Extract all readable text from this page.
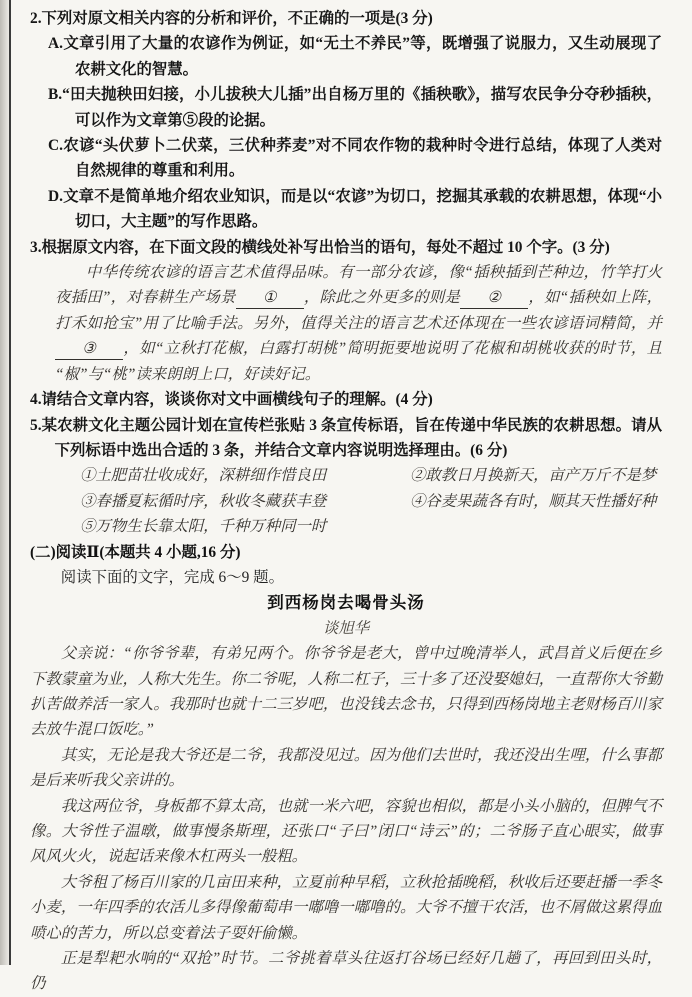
2.下列对原文相关内容的分析和评价，不正确的一项是(3 分)

A.文章引用了大量的农谚作为例证，如“无土不养民”等，既增强了说服力，又生动展现了农耕文化的智慧。

B.“田夫抛秧田妇接，小儿拔秧大儿插”出自杨万里的《插秧歌》，描写农民争分夺秒插秧，可以作为文章第⑤段的论据。

C.农谚“头伏萝卜二伏菜，三伏种荞麦”对不同农作物的栽种时令进行总结，体现了人类对自然规律的尊重和利用。

D.文章不是简单地介绍农业知识，而是以“农谚”为切口，挖掘其承载的农耕思想，体现“小切口，大主题”的写作思路。

3.根据原文内容，在下面文段的横线处补写出恰当的语句，每处不超过 10 个字。(3 分)

中华传统农谚的语言艺术值得品味。有一部分农谚，像“插秧插到芒种边，竹竿打火夜插田”，对春耕生产场景 ① ，除此之外更多的则是 ② ，如“插秧如上阵，打禾如抢宝”用了比喻手法。另外，值得关注的语言艺术还体现在一些农谚语词精简，并③ ，如“立秋打花椒，白露打胡桃”简明扼要地说明了花椒和胡桃收获的时节，且“椒”与“桃”读来朗朗上口，好读好记。

4.请结合文章内容，谈谈你对文中画横线句子的理解。(4 分)

5.某农耕文化主题公园计划在宣传栏张贴 3 条宣传标语，旨在传递中华民族的农耕思想。请从下列标语中选出合适的 3 条，并结合文章内容说明选择理由。(6 分)

①土肥苗壮收成好，深耕细作惜良田	②敢教日月换新天，亩产万斤不是梦
③春播夏耘循时序，秋收冬藏获丰登	④谷麦果蔬各有时，顺其天性播好种
⑤万物生长靠太阳，千种万种同一时

(二)阅读Ⅱ(本题共 4 小题,16 分)

阅读下面的文字，完成 6～9 题。

到西杨岗去喝骨头汤

谈旭华

父亲说：“你爷爷辈，有弟兄两个。你爷爷是老大，曾中过晚清举人，武昌首义后便在乡下教蒙童为业，人称大先生。你二爷呢，人称二杠子，三十多了还没娶媳妇，一直帮你大爷勤扒苦做养活一家人。我那时也就十二三岁吧，也没钱去念书，只得到西杨岗地主老财杨百川家去放牛混口饭吃。”

其实，无论是我大爷还是二爷，我都没见过。因为他们去世时，我还没出生哩，什么事都是后来听我父亲讲的。

我这两位爷，身板都不算太高，也就一米六吧，容貌也相似，都是小头小脑的，但脾气不像。大爷性子温暾，做事慢条斯理，还张口“子曰”闭口“诗云”的；二爷肠子直心眼实，做事风风火火，说起话来像木杠两头一般粗。

大爷租了杨百川家的几亩田来种，立夏前种早稻，立秋抢插晚稻，秋收后还要赶播一季冬小麦，一年四季的农活儿多得像葡萄串一嘟噜一嘟噜的。大爷不擅干农活，也不屑做这累得血喷心的苦力，所以总变着法子耍奸偷懒。

正是犁耙水响的“双抢”时节。二爷挑着草头往返打谷场已经好几趟了，再回到田头时，仍
